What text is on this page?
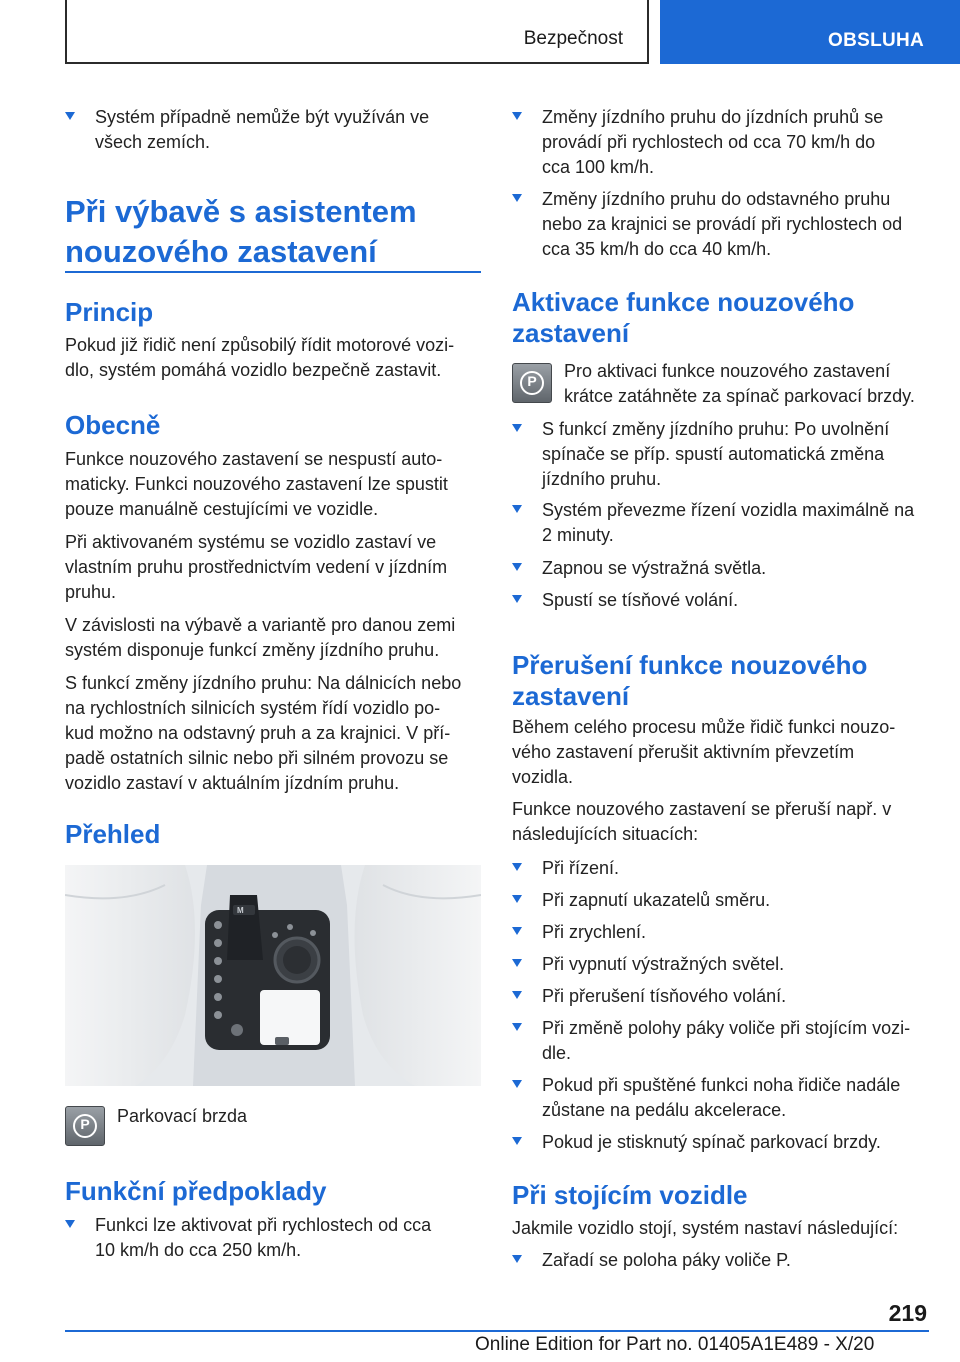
Bezpečnost	OBSLUHA
Systém případně nemůže být využíván ve
všech zemích.
Při výbavě s asistentem
nouzového zastavení
Princip
Pokud již řidič není způsobilý řídit motorové vozi-
dlo, systém pomáhá vozidlo bezpečně zastavit.
Obecně
Funkce nouzového zastavení se nespustí auto-
maticky. Funkci nouzového zastavení lze spustit
pouze manuálně cestujícími ve vozidle.
Při aktivovaném systému se vozidlo zastaví ve
vlastním pruhu prostřednictvím vedení v jízdním
pruhu.
V závislosti na výbavě a variantě pro danou zemi
systém disponuje funkcí změny jízdního pruhu.
S funkcí změny jízdního pruhu: Na dálnicích nebo
na rychlostních silnicích systém řídí vozidlo po-
kud možno na odstavný pruh a za krajnici. V pří-
padě ostatních silnic nebo při silném provozu se
vozidlo zastaví v aktuálním jízdním pruhu.
Přehled
M
P	Parkovací brzda
Funkční předpoklady
Funkci lze aktivovat při rychlostech od cca
10 km/h do cca 250 km/h.
Změny jízdního pruhu do jízdních pruhů se
provádí při rychlostech od cca 70 km/h do
cca 100 km/h.
Změny jízdního pruhu do odstavného pruhu
nebo za krajnici se provádí při rychlostech od
cca 35 km/h do cca 40 km/h.
Aktivace funkce nouzového
zastavení
P	Pro aktivaci funkce nouzového zastavení
krátce zatáhněte za spínač parkovací brzdy.
S funkcí změny jízdního pruhu: Po uvolnění
spínače se příp. spustí automatická změna
jízdního pruhu.
Systém převezme řízení vozidla maximálně na
2 minuty.
Zapnou se výstražná světla.
Spustí se tísňové volání.
Přerušení funkce nouzového
zastavení
Během celého procesu může řidič funkci nouzo-
vého zastavení přerušit aktivním převzetím
vozidla.
Funkce nouzového zastavení se přeruší např. v
následujících situacích:
Při řízení.
Při zapnutí ukazatelů směru.
Při zrychlení.
Při vypnutí výstražných světel.
Při přerušení tísňového volání.
Při změně polohy páky voliče při stojícím vozi-
dle.
Pokud při spuštěné funkci noha řidiče nadále
zůstane na pedálu akcelerace.
Pokud je stisknutý spínač parkovací brzdy.
Při stojícím vozidle
Jakmile vozidlo stojí, systém nastaví následující:
Zařadí se poloha páky voliče P.
219
Online Edition for Part no. 01405A1E489 - X/20
